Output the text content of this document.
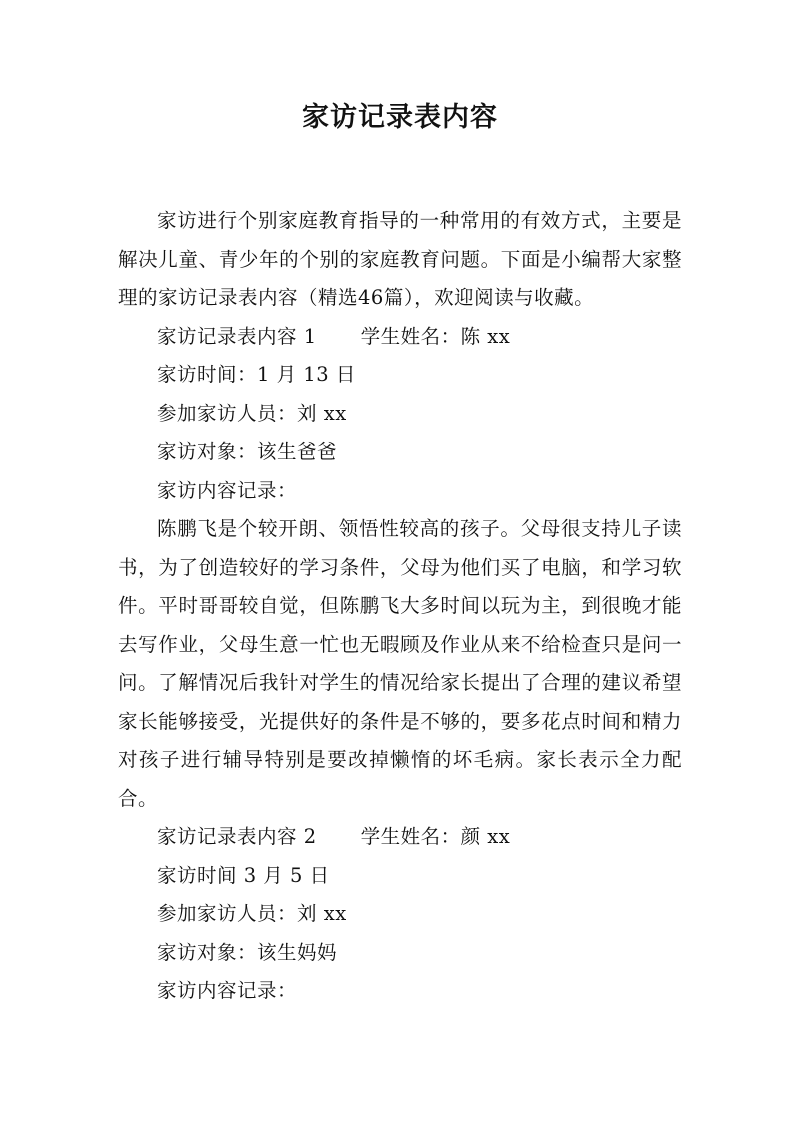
家访记录表内容

家访进行个别家庭教育指导的一种常用的有效方式，主要是解决儿童、青少年的个别的家庭教育问题。下面是小编帮大家整理的家访记录表内容（精选46篇），欢迎阅读与收藏。

家访记录表内容 1 学生姓名：陈 xx

家访时间：1 月 13 日

参加家访人员：刘 xx

家访对象：该生爸爸

家访内容记录：

陈鹏飞是个较开朗、领悟性较高的孩子。父母很支持儿子读书，为了创造较好的学习条件，父母为他们买了电脑，和学习软件。平时哥哥较自觉，但陈鹏飞大多时间以玩为主，到很晚才能去写作业，父母生意一忙也无暇顾及作业从来不给检查只是问一问。了解情况后我针对学生的情况给家长提出了合理的建议希望家长能够接受，光提供好的条件是不够的，要多花点时间和精力对孩子进行辅导特别是要改掉懒惰的坏毛病。家长表示全力配合。

家访记录表内容 2 学生姓名：颜 xx

家访时间 3 月 5 日

参加家访人员：刘 xx

家访对象：该生妈妈

家访内容记录：
